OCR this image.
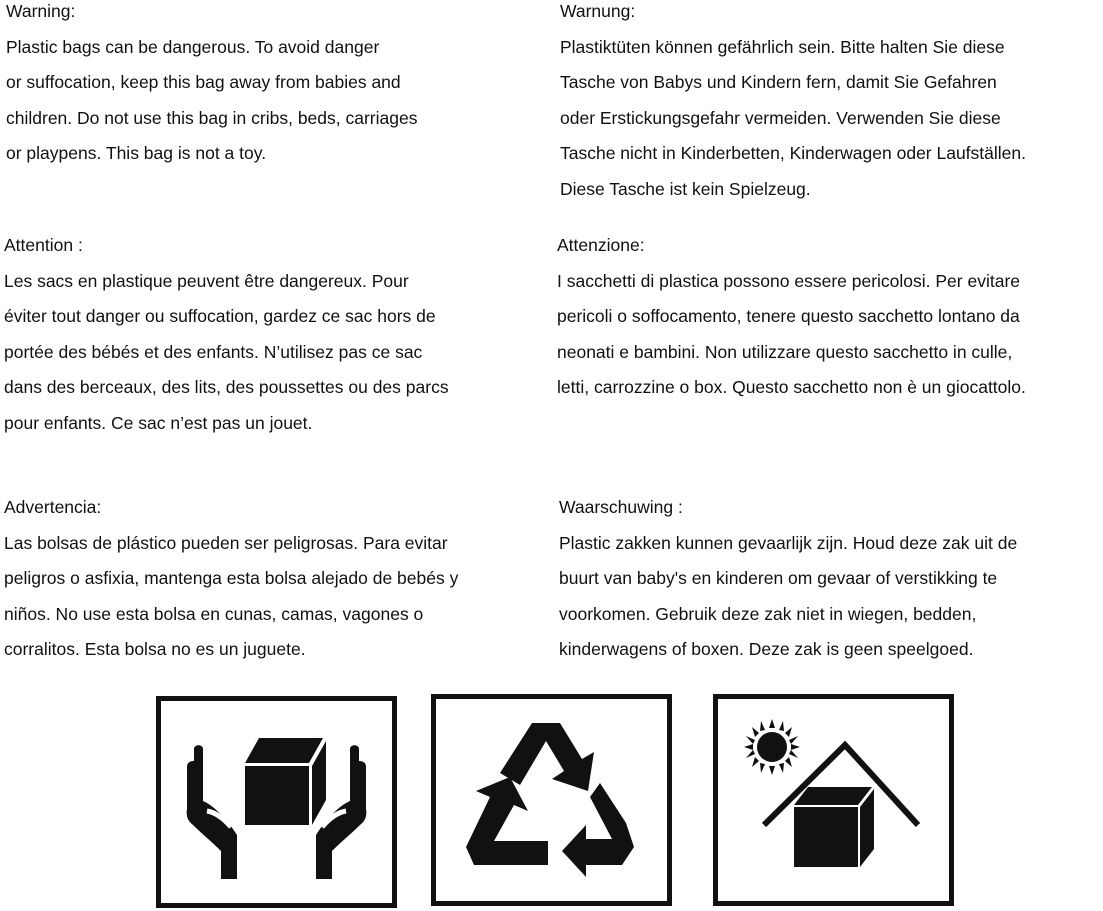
Warning:
Plastic bags can be dangerous. To avoid danger
or suffocation, keep this bag away from babies and
children. Do not use this bag in cribs, beds, carriages
or playpens. This bag is not a toy.
Warnung:
Plastiktüten können gefährlich sein. Bitte halten Sie diese
Tasche von Babys und Kindern fern, damit Sie Gefahren
oder Erstickungsgefahr vermeiden. Verwenden Sie diese
Tasche nicht in Kinderbetten, Kinderwagen oder Laufställen.
Diese Tasche ist kein Spielzeug.
Attention :
Les sacs en plastique peuvent être dangereux. Pour
éviter tout danger ou suffocation, gardez ce sac hors de
portée des bébés et des enfants. N’utilisez pas ce sac
dans des berceaux, des lits, des poussettes ou des parcs
pour enfants. Ce sac n’est pas un jouet.
Attenzione:
I sacchetti di plastica possono essere pericolosi. Per evitare
pericoli o soffocamento, tenere questo sacchetto lontano da
neonati e bambini. Non utilizzare questo sacchetto in culle,
letti, carrozzine o box. Questo sacchetto non è un giocattolo.
Advertencia:
Las bolsas de plástico pueden ser peligrosas. Para evitar
peligros o asfixia, mantenga esta bolsa alejado de bebés y
niños. No use esta bolsa en cunas, camas, vagones o
corralitos. Esta bolsa no es un juguete.
Waarschuwing :
Plastic zakken kunnen gevaarlijk zijn. Houd deze zak uit de
buurt van baby's en kinderen om gevaar of verstikking te
voorkomen. Gebruik deze zak niet in wiegen, bedden,
kinderwagens of boxen. Deze zak is geen speelgoed.
